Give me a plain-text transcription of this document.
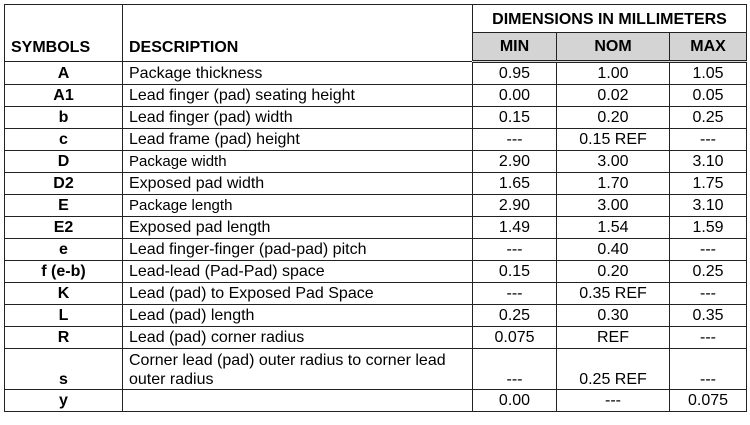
SYMBOLS	DESCRIPTION	DIMENSIONS IN MILLIMETERS		
		MIN	NOM	MAX
A	Package thickness	0.95	1.00	1.05
A1	Lead finger (pad) seating height	0.00	0.02	0.05
b	Lead finger (pad) width	0.15	0.20	0.25
c	Lead frame (pad) height	---	0.15 REF	---
D	Package width	2.90	3.00	3.10
D2	Exposed pad width	1.65	1.70	1.75
E	Package length	2.90	3.00	3.10
E2	Exposed pad length	1.49	1.54	1.59
e	Lead finger-finger (pad-pad) pitch	---	0.40	---
f (e-b)	Lead-lead (Pad-Pad) space	0.15	0.20	0.25
K	Lead (pad) to Exposed Pad Space	---	0.35 REF	---
L	Lead (pad) length	0.25	0.30	0.35
R	Lead (pad) corner radius	0.075	REF	---
s	Corner lead (pad) outer radius to corner lead outer radius	---	0.25 REF	---
y		0.00	---	0.075
